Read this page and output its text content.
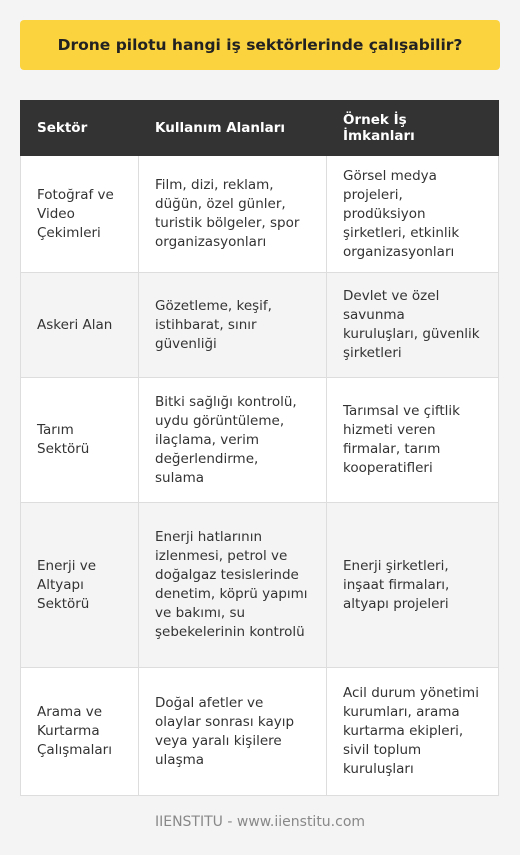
Drone pilotu hangi iş sektörlerinde çalışabilir?
Sektör	Kullanım Alanları	Örnek İş İmkanları
Fotoğraf ve Video Çekimleri	Film, dizi, reklam, düğün, özel günler, turistik bölgeler, spor organizasyonları	Görsel medya projeleri, prodüksiyon şirketleri, etkinlik organizasyonları
Askeri Alan	Gözetleme, keşif, istihbarat, sınır güvenliği	Devlet ve özel savunma kuruluşları, güvenlik şirketleri
Tarım Sektörü	Bitki sağlığı kontrolü, uydu görüntüleme, ilaçlama, verim değerlendirme, sulama	Tarımsal ve çiftlik hizmeti veren firmalar, tarım kooperatifleri
Enerji ve Altyapı Sektörü	Enerji hatlarının izlenmesi, petrol ve doğalgaz tesislerinde denetim, köprü yapımı ve bakımı, su şebekelerinin kontrolü	Enerji şirketleri, inşaat firmaları, altyapı projeleri
Arama ve Kurtarma Çalışmaları	Doğal afetler ve olaylar sonrası kayıp veya yaralı kişilere ulaşma	Acil durum yönetimi kurumları, arama kurtarma ekipleri, sivil toplum kuruluşları
IIENSTITU - www.iienstitu.com
